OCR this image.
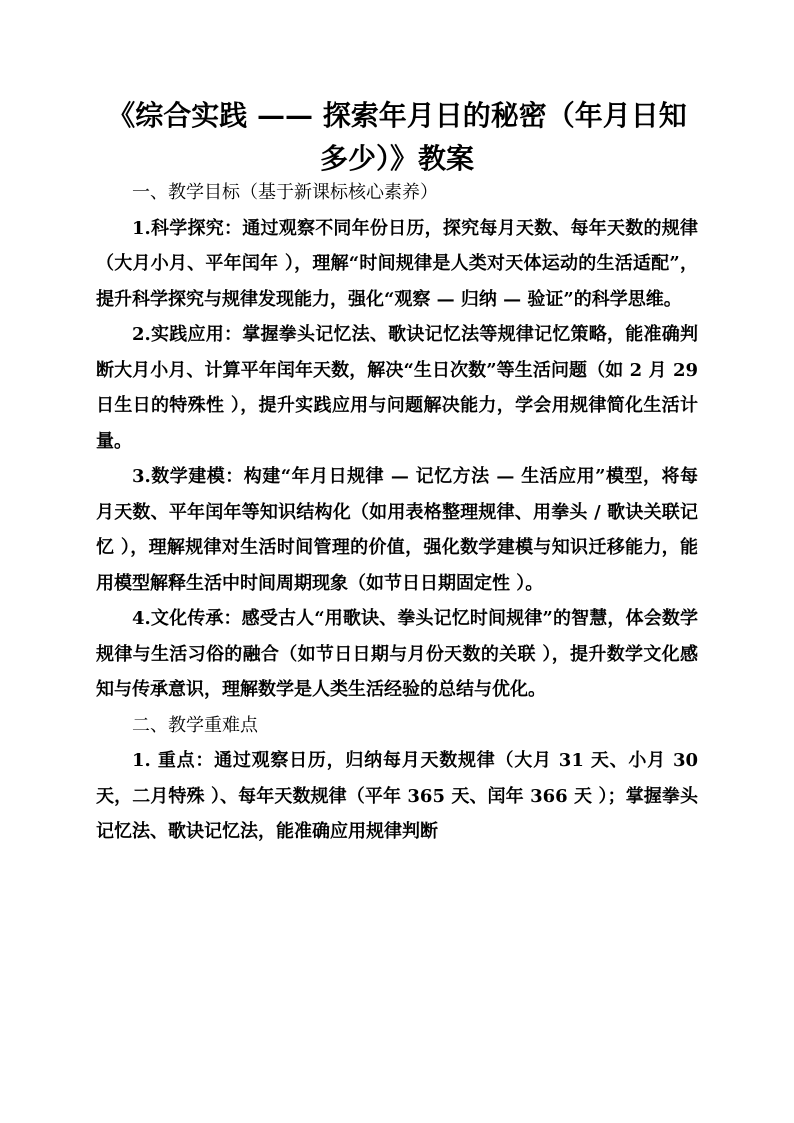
《综合实践 —— 探索年月日的秘密（年月日知多少）》教案

一、教学目标（基于新课标核心素养）

1.科学探究：通过观察不同年份日历，探究每月天数、每年天数的规律（大月小月、平年闰年 ），理解“时间规律是人类对天体运动的生活适配”，提升科学探究与规律发现能力，强化“观察 — 归纳 — 验证”的科学思维。

2.实践应用：掌握拳头记忆法、歌诀记忆法等规律记忆策略，能准确判断大月小月、计算平年闰年天数，解决“生日次数”等生活问题（如 2 月 29 日生日的特殊性 ），提升实践应用与问题解决能力，学会用规律简化生活计量。

3.数学建模：构建“年月日规律 — 记忆方法 — 生活应用”模型，将每月天数、平年闰年等知识结构化（如用表格整理规律、用拳头 / 歌诀关联记忆 ），理解规律对生活时间管理的价值，强化数学建模与知识迁移能力，能用模型解释生活中时间周期现象（如节日日期固定性 ）。

4.文化传承：感受古人“用歌诀、拳头记忆时间规律”的智慧，体会数学规律与生活习俗的融合（如节日日期与月份天数的关联 ），提升数学文化感知与传承意识，理解数学是人类生活经验的总结与优化。

二、教学重难点

1. 重点：通过观察日历，归纳每月天数规律（大月 31 天、小月 30 天，二月特殊 ）、每年天数规律（平年 365 天、闰年 366 天 ）；掌握拳头记忆法、歌诀记忆法，能准确应用规律判断
